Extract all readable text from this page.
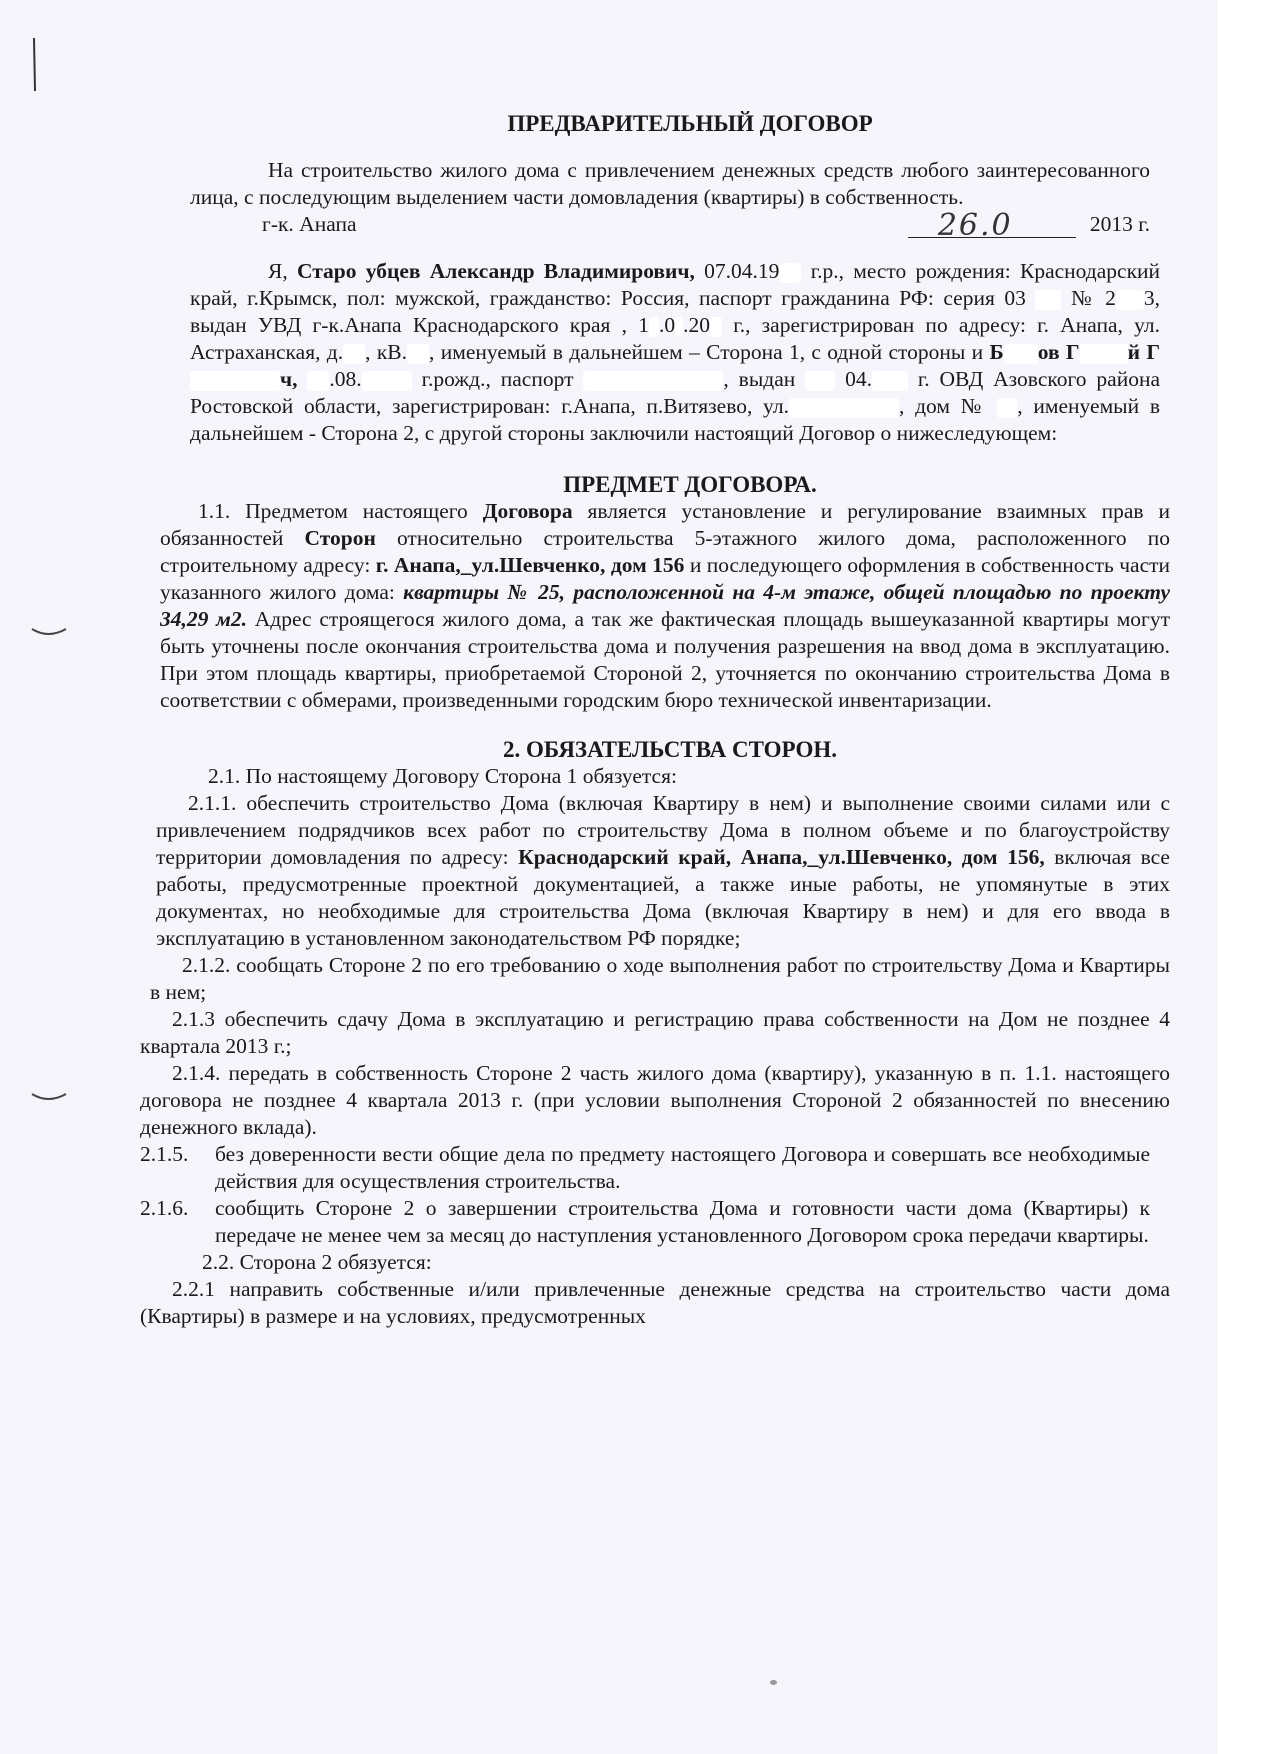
ПРЕДВАРИТЕЛЬНЫЙ ДОГОВОР

На строительство жилого дома с привлечением денежных средств любого заинтересованного лица, с последующим выделением части домовладения (квартиры) в собственность.

г-к. Анапа	26.0	2013 г.

Я, Старо убцев Александр Владимирович, 07.04.19 г.р., место рождения: Краснодарский край, г.Крымск, пол: мужской, гражданство: Россия, паспорт гражданина РФ: серия 03 № 2 3, выдан УВД г-к.Анапа Краснодарского края , 1 .0 .20 г., зарегистрирован по адресу: г. Анапа, ул. Астраханская, д. , кВ. , именуемый в дальнейшем – Сторона 1, с одной стороны и Б ов Г й Гч, .08.	г.рожд., паспорт	, выдан 04. г. ОВД Азовского района Ростовской области, зарегистрирован: г.Анапа, п.Витязево, ул.	, дом № , именуемый в дальнейшем - Сторона 2, с другой стороны заключили настоящий Договор о нижеследующем:

ПРЕДМЕТ ДОГОВОРА.

1.1. Предметом настоящего Договора является установление и регулирование взаимных прав и обязанностей Сторон относительно строительства 5-этажного жилого дома, расположенного по строительному адресу: г. Анапа,_ул.Шевченко, дом 156 и последующего оформления в собственность части указанного жилого дома: квартиры № 25, расположенной на 4-м этаже, общей площадью по проекту 34,29 м2. Адрес строящегося жилого дома, а так же фактическая площадь вышеуказанной квартиры могут быть уточнены после окончания строительства дома и получения разрешения на ввод дома в эксплуатацию. При этом площадь квартиры, приобретаемой Стороной 2, уточняется по окончанию строительства Дома в соответствии с обмерами, произведенными городским бюро технической инвентаризации.

2. ОБЯЗАТЕЛЬСТВА СТОРОН.

2.1. По настоящему Договору Сторона 1 обязуется:

2.1.1. обеспечить строительство Дома (включая Квартиру в нем) и выполнение своими силами или с привлечением подрядчиков всех работ по строительству Дома в полном объеме и по благоустройству территории домовладения по адресу: Краснодарский край, Анапа,_ул.Шевченко, дом 156, включая все работы, предусмотренные проектной документацией, а также иные работы, не упомянутые в этих документах, но необходимые для строительства Дома (включая Квартиру в нем) и для его ввода в эксплуатацию в установленном законодательством РФ порядке;

2.1.2. сообщать Стороне 2 по его требованию о ходе выполнения работ по строительству Дома и Квартиры в нем;

2.1.3 обеспечить сдачу Дома в эксплуатацию и регистрацию права собственности на Дом не позднее 4 квартала 2013 г.;

2.1.4. передать в собственность Стороне 2 часть жилого дома (квартиру), указанную в п. 1.1. настоящего договора не позднее 4 квартала 2013 г. (при условии выполнения Стороной 2 обязанностей по внесению денежного вклада).

2.1.5.	без доверенности вести общие дела по предмету настоящего Договора и совершать все необходимые действия для осуществления строительства.
2.1.6.	сообщить Стороне 2 о завершении строительства Дома и готовности части дома (Квартиры) к передаче не менее чем за месяц до наступления установленного Договором срока передачи квартиры.

2.2. Сторона 2 обязуется:

2.2.1 направить собственные и/или привлеченные денежные средства на строительство части дома (Квартиры) в размере и на условиях, предусмотренных
